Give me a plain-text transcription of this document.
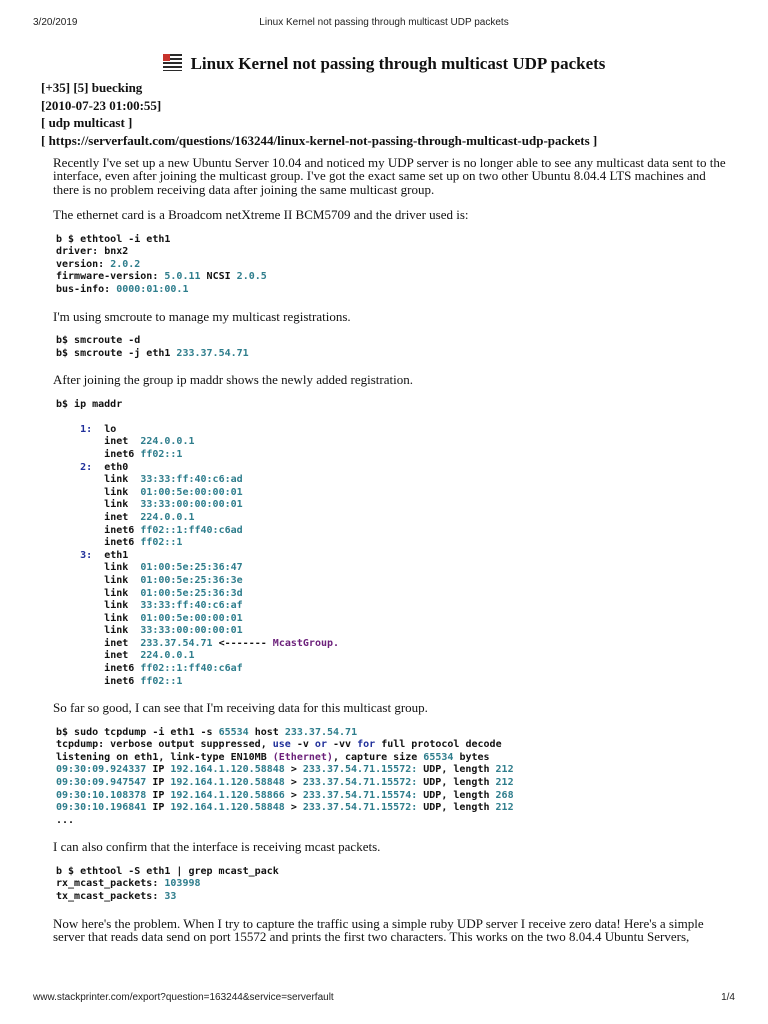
3/20/2019	Linux Kernel not passing through multicast UDP packets
Linux Kernel not passing through multicast UDP packets
[+35] [5] buecking
[2010-07-23 01:00:55]
[ udp multicast ]
[ https://serverfault.com/questions/163244/linux-kernel-not-passing-through-multicast-udp-packets ]

Recently I've set up a new Ubuntu Server 10.04 and noticed my UDP server is no longer able to see any multicast data sent to the interface, even after joining the multicast group. I've got the exact same set up on two other Ubuntu 8.04.4 LTS machines and there is no problem receiving data after joining the same multicast group.

The ethernet card is a Broadcom netXtreme II BCM5709 and the driver used is:

b $ ethtool -i eth1
driver: bnx2
version: 2.0.2
firmware-version: 5.0.11 NCSI 2.0.5
bus-info: 0000:01:00.1

I'm using smcroute to manage my multicast registrations.

b$ smcroute -d
b$ smcroute -j eth1 233.37.54.71

After joining the group ip maddr shows the newly added registration.

b$ ip maddr

1: lo
inet 224.0.0.1
inet6 ff02::1
2: eth0
link 33:33:ff:40:c6:ad
link 01:00:5e:00:00:01
link 33:33:00:00:00:01
inet 224.0.0.1
inet6 ff02::1:ff40:c6ad
inet6 ff02::1
3: eth1
link 01:00:5e:25:36:47
link 01:00:5e:25:36:3e
link 01:00:5e:25:36:3d
link 33:33:ff:40:c6:af
link 01:00:5e:00:00:01
link 33:33:00:00:00:01
inet 233.37.54.71 <------- McastGroup.
inet 224.0.0.1
inet6 ff02::1:ff40:c6af
inet6 ff02::1

So far so good, I can see that I'm receiving data for this multicast group.

b$ sudo tcpdump -i eth1 -s 65534 host 233.37.54.71
tcpdump: verbose output suppressed, use -v or -vv for full protocol decode
listening on eth1, link-type EN10MB (Ethernet), capture size 65534 bytes
09:30:09.924337 IP 192.164.1.120.58848 > 233.37.54.71.15572: UDP, length 212
09:30:09.947547 IP 192.164.1.120.58848 > 233.37.54.71.15572: UDP, length 212
09:30:10.108378 IP 192.164.1.120.58866 > 233.37.54.71.15574: UDP, length 268
09:30:10.196841 IP 192.164.1.120.58848 > 233.37.54.71.15572: UDP, length 212
...

I can also confirm that the interface is receiving mcast packets.

b $ ethtool -S eth1 | grep mcast_pack
rx_mcast_packets: 103998
tx_mcast_packets: 33

Now here's the problem. When I try to capture the traffic using a simple ruby UDP server I receive zero data! Here's a simple server that reads data send on port 15572 and prints the first two characters. This works on the two 8.04.4 Ubuntu Servers,

www.stackprinter.com/export?question=163244&service=serverfault	1/4
